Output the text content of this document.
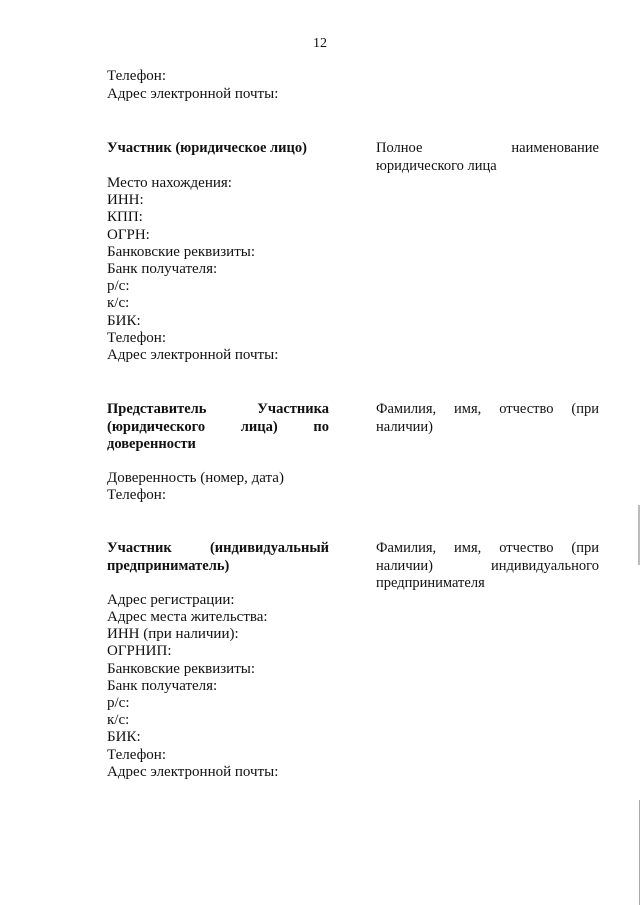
12
Телефон:
Адрес электронной почты:
Участник (юридическое лицо)	Полное наименование
юридического лица
Место нахождения:
ИНН:
КПП:
ОГРН:
Банковские реквизиты:
Банк получателя:
р/с:
к/с:
БИК:
Телефон:
Адрес электронной почты:
Представитель Участника
(юридического лица) по
доверенности
Фамилия, имя, отчество (при
наличии)
Доверенность (номер, дата)
Телефон:
Участник (индивидуальный
предприниматель)
Фамилия, имя, отчество (при
наличии) индивидуального
предпринимателя
Адрес регистрации:
Адрес места жительства:
ИНН (при наличии):
ОГРНИП:
Банковские реквизиты:
Банк получателя:
р/с:
к/с:
БИК:
Телефон:
Адрес электронной почты:
